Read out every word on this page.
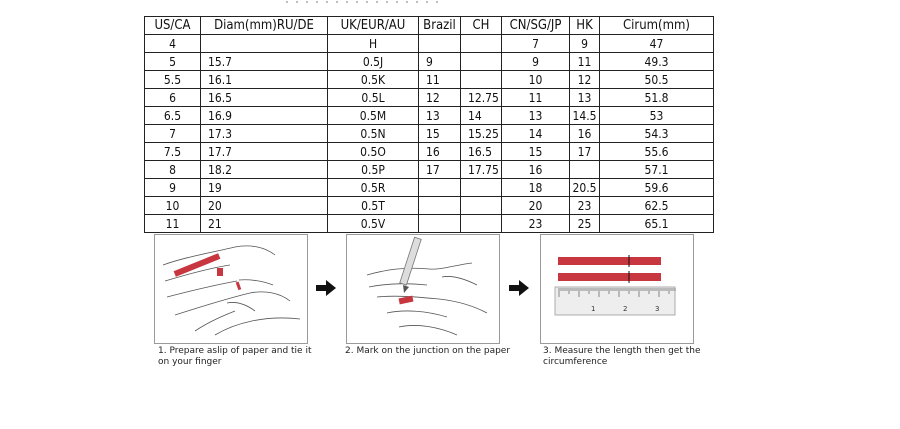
US/CA	Diam(mm)RU/DE	UK/EUR/AU	Brazil	CH	CN/SG/JP	HK	Cirum(mm)
4		H			7	9	47
5	15.7	0.5J	9		9	11	49.3
5.5	16.1	0.5K	11		10	12	50.5
6	16.5	0.5L	12	12.75	11	13	51.8
6.5	16.9	0.5M	13	14	13	14.5	53
7	17.3	0.5N	15	15.25	14	16	54.3
7.5	17.7	0.5O	16	16.5	15	17	55.6
8	18.2	0.5P	17	17.75	16		57.1
9	19	0.5R			18	20.5	59.6
10	20	0.5T			20	23	62.5
11	21	0.5V			23	25	65.1
1	2	3
1. Prepare aslip of paper and tie it
on your finger
2. Mark on the junction on the paper	3. Measure the length then get the
circumference
